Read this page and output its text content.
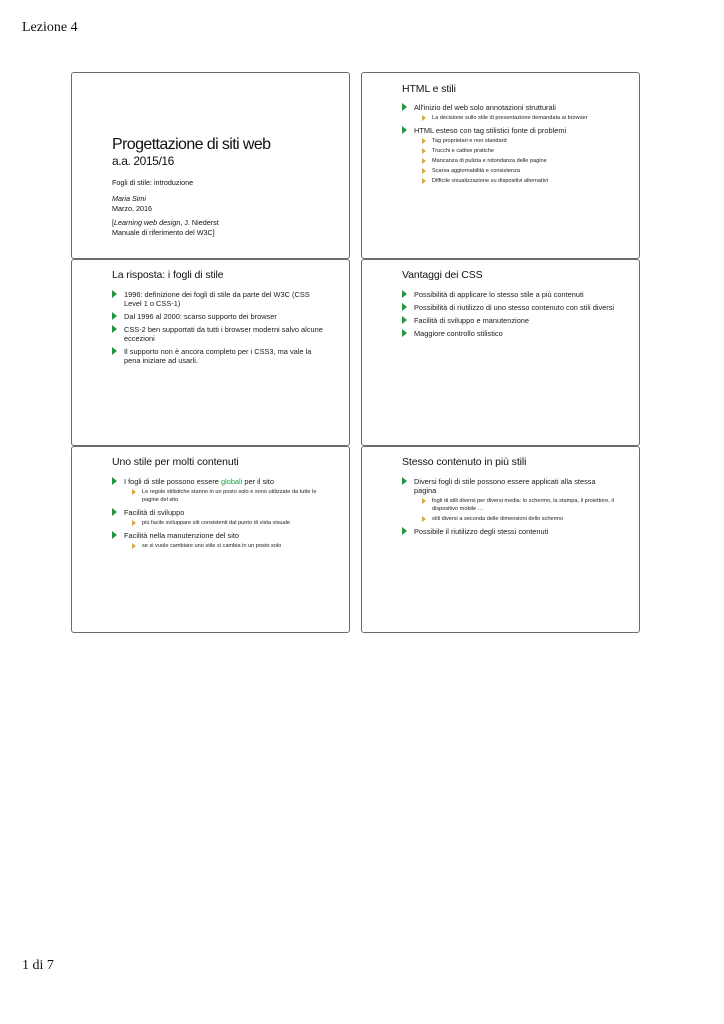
Lezione 4
Progettazione di siti web
a.a. 2015/16
Fogli di stile: introduzione
Maria Simi
Marzo, 2016
[Learning web design, J. Niederst
Manuale di riferimento del W3C]
HTML e stili
All'inizio del web solo annotazioni strutturali
La decisione sullo stile di presentazione demandata ai browser
HTML esteso con tag stilistici fonte di problemi
Tag proprietari e non standard
Trucchi e cattive pratiche
Mancanza di pulizia e ridondanza delle pagine
Scarsa aggiornabilità e consistenza
Difficile visualizzazione su dispositivi alternativi
La risposta: i fogli di stile
1996: definizione dei fogli di stile da parte del W3C (CSS Level 1 o CSS-1)
Dal 1996 al 2000: scarso supporto dei browser
CSS-2 ben supportati da tutti i browser moderni salvo alcune eccezioni
Il supporto non è ancora completo per i CSS3, ma vale la pena iniziare ad usarli.
Vantaggi dei CSS
Possibilità di applicare lo stesso stile a più contenuti
Possibilità di riutilizzo di uno stesso contenuto con stili diversi
Facilità di sviluppo e manutenzione
Maggiore controllo stilistico
Uno stile per molti contenuti
I fogli di stile possono essere globali per il sito
Le regole stilistiche stanno in un posto solo e sono utilizzate da tutte le pagine del sito
Facilità di sviluppo
più facile sviluppare siti consistenti dal punto di vista visuale
Facilità nella manutenzione del sito
se si vuole cambiare uno stile si cambia in un posto solo
Stesso contenuto in più stili
Diversi fogli di stile possono essere applicati alla stessa pagina
fogli di stili diversi per diversi media: lo schermo, la stampa, il proiettore, il dispositivo mobile …
stili diversi a seconda delle dimensioni dello schermo
Possibile il riutilizzo degli stessi contenuti
1 di 7
